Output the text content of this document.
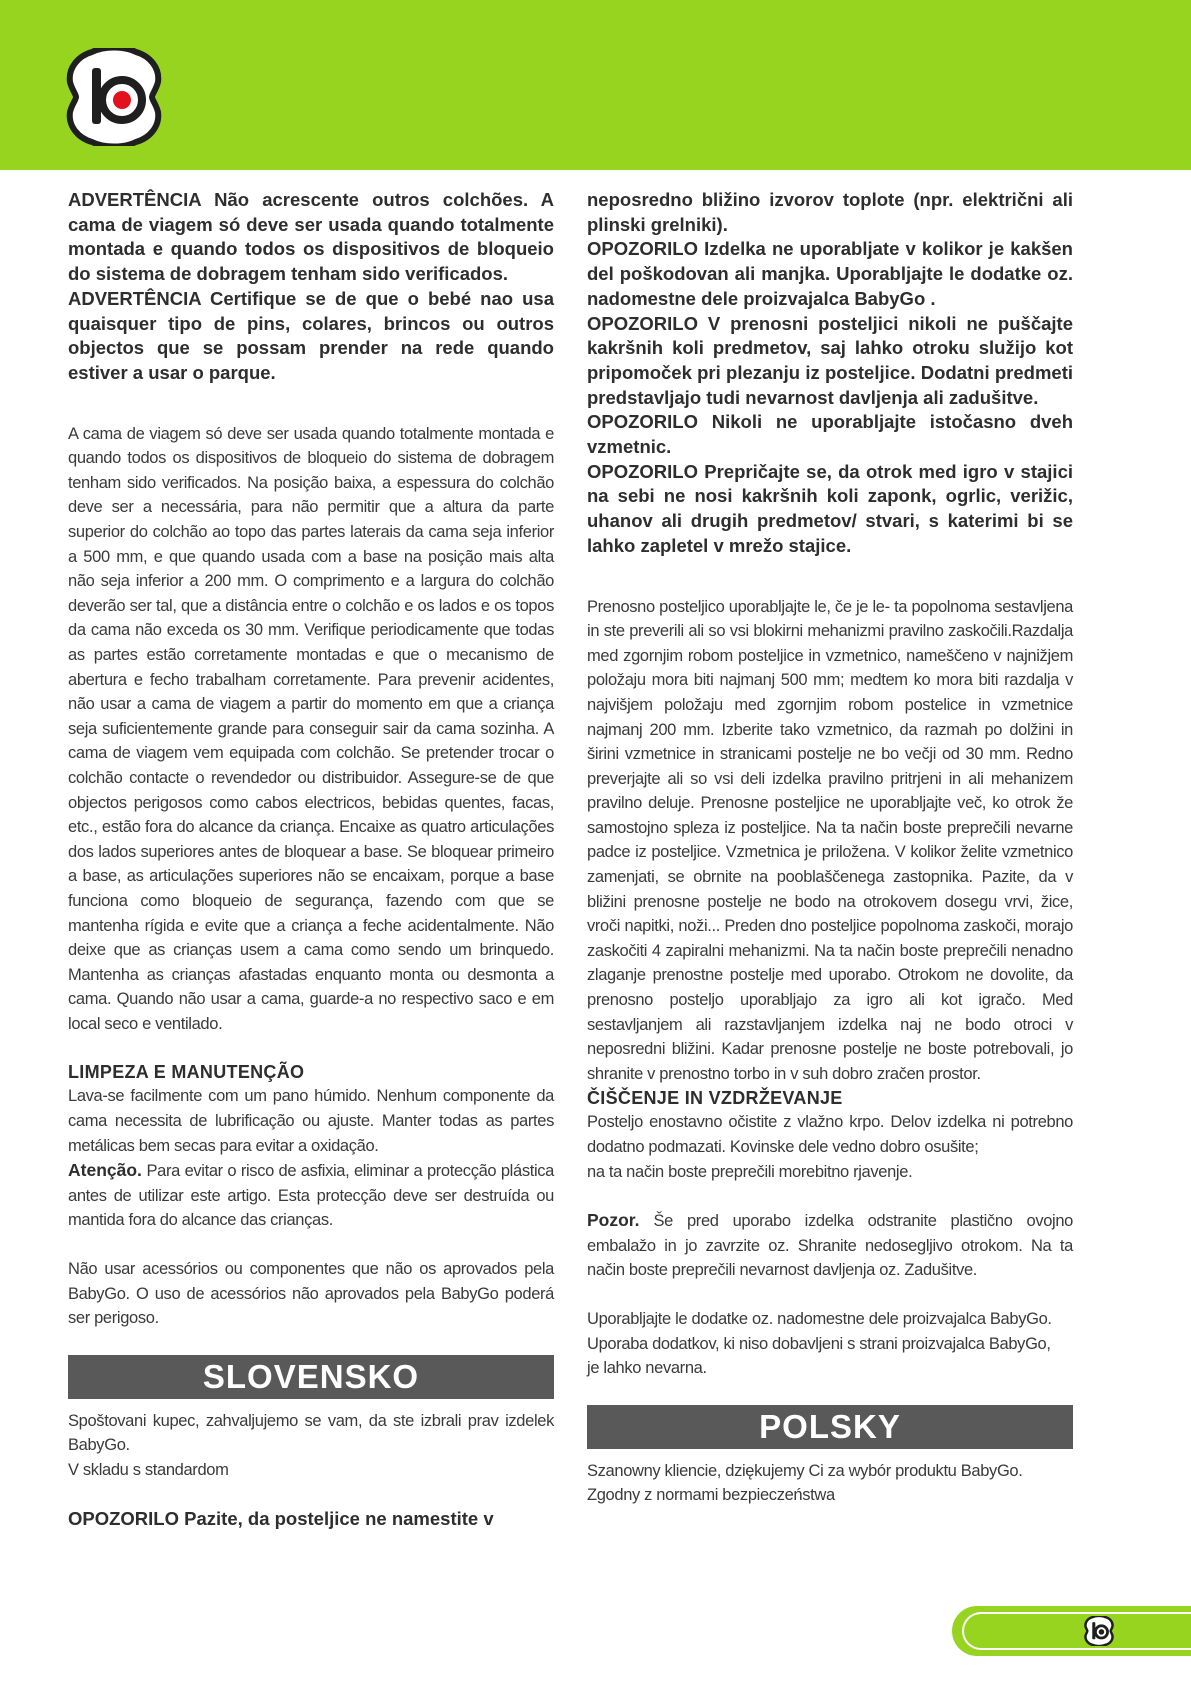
ADVERTÊNCIA Não acrescente outros colchões. A cama de viagem só deve ser usada quando totalmente montada e quando todos os dispositivos de bloqueio do sistema de dobragem tenham sido verificados.

ADVERTÊNCIA Certifique se de que o bebé nao usa quaisquer tipo de pins, colares, brincos ou outros objectos que se possam prender na rede quando estiver a usar o parque.

A cama de viagem só deve ser usada quando totalmente montada e quando todos os dispositivos de bloqueio do sistema de dobragem tenham sido verificados. Na posição baixa, a espessura do colchão deve ser a necessária, para não permitir que a altura da parte superior do colchão ao topo das partes laterais da cama seja inferior a 500 mm, e que quando usada com a base na posição mais alta não seja inferior a 200 mm. O comprimento e a largura do colchão deverão ser tal, que a distância entre o colchão e os lados e os topos da cama não exceda os 30 mm. Verifique periodicamente que todas as partes estão corretamente montadas e que o mecanismo de abertura e fecho trabalham corretamente. Para prevenir acidentes, não usar a cama de viagem a partir do momento em que a criança seja suficientemente grande para conseguir sair da cama sozinha. A cama de viagem vem equipada com colchão. Se pretender trocar o colchão contacte o revendedor ou distribuidor. Assegure-se de que objectos perigosos como cabos electricos, bebidas quentes, facas, etc., estão fora do alcance da criança. Encaixe as quatro articulações dos lados superiores antes de bloquear a base. Se bloquear primeiro a base, as articulações superiores não se encaixam, porque a base funciona como bloqueio de segurança, fazendo com que se mantenha rígida e evite que a criança a feche acidentalmente. Não deixe que as crianças usem a cama como sendo um brinquedo. Mantenha as crianças afastadas enquanto monta ou desmonta a cama. Quando não usar a cama, guarde-a no respectivo saco e em local seco e ventilado.

LIMPEZA E MANUTENÇÃO

Lava-se facilmente com um pano húmido. Nenhum componente da cama necessita de lubrificação ou ajuste. Manter todas as partes metálicas bem secas para evitar a oxidação.

Atenção. Para evitar o risco de asfixia, eliminar a protecção plástica antes de utilizar este artigo. Esta protecção deve ser destruída ou mantida fora do alcance das crianças.

Não usar acessórios ou componentes que não os aprovados pela BabyGo. O uso de acessórios não aprovados pela BabyGo poderá ser perigoso.

SLOVENSKO

Spoštovani kupec, zahvaljujemo se vam, da ste izbrali prav izdelek BabyGo.

V skladu s standardom

OPOZORILO Pazite, da posteljice ne namestite v

neposredno bližino izvorov toplote (npr. električni ali plinski grelniki).

OPOZORILO Izdelka ne uporabljate v kolikor je kakšen del poškodovan ali manjka. Uporabljajte le dodatke oz. nadomestne dele proizvajalca BabyGo .

OPOZORILO V prenosni posteljici nikoli ne puščajte kakršnih koli predmetov, saj lahko otroku služijo kot pripomoček pri plezanju iz posteljice. Dodatni predmeti predstavljajo tudi nevarnost davljenja ali zadušitve.

OPOZORILO Nikoli ne uporabljajte istočasno dveh vzmetnic.

OPOZORILO Prepričajte se, da otrok med igro v stajici na sebi ne nosi kakršnih koli zaponk, ogrlic, verižic, uhanov ali drugih predmetov/ stvari, s katerimi bi se lahko zapletel v mrežo stajice.

Prenosno posteljico uporabljajte le, če je le- ta popolnoma sestavljena in ste preverili ali so vsi blokirni mehanizmi pravilno zaskočili.Razdalja med zgornjim robom posteljice in vzmetnico, nameščeno v najnižjem položaju mora biti najmanj 500 mm; medtem ko mora biti razdalja v najvišjem položaju med zgornjim robom postelice in vzmetnice najmanj 200 mm. Izberite tako vzmetnico, da razmah po dolžini in širini vzmetnice in stranicami postelje ne bo večji od 30 mm. Redno preverjajte ali so vsi deli izdelka pravilno pritrjeni in ali mehanizem pravilno deluje. Prenosne posteljice ne uporabljajte več, ko otrok že samostojno spleza iz posteljice. Na ta način boste preprečili nevarne padce iz posteljice. Vzmetnica je priložena. V kolikor želite vzmetnico zamenjati, se obrnite na pooblaščenega zastopnika. Pazite, da v bližini prenosne postelje ne bodo na otrokovem dosegu vrvi, žice, vroči napitki, noži... Preden dno posteljice popolnoma zaskoči, morajo zaskočiti 4 zapiralni mehanizmi. Na ta način boste preprečili nenadno zlaganje prenostne postelje med uporabo. Otrokom ne dovolite, da prenosno posteljo uporabljajo za igro ali kot igračo. Med sestavljanjem ali razstavljanjem izdelka naj ne bodo otroci v neposredni bližini. Kadar prenosne postelje ne boste potrebovali, jo shranite v prenostno torbo in v suh dobro zračen prostor.

ČIŠČENJE IN VZDRŽEVANJE

Posteljo enostavno očistite z vlažno krpo. Delov izdelka ni potrebno dodatno podmazati. Kovinske dele vedno dobro osušite;

na ta način boste preprečili morebitno rjavenje.

Pozor. Še pred uporabo izdelka odstranite plastično ovojno embalažo in jo zavrzite oz. Shranite nedosegljivo otrokom. Na ta način boste preprečili nevarnost davljenja oz. Zadušitve.

Uporabljajte le dodatke oz. nadomestne dele proizvajalca BabyGo.

Uporaba dodatkov, ki niso dobavljeni s strani proizvajalca BabyGo,

je lahko nevarna.

POLSKY

Szanowny kliencie, dziękujemy Ci za wybór produktu BabyGo.

Zgodny z normami bezpieczeństwa
